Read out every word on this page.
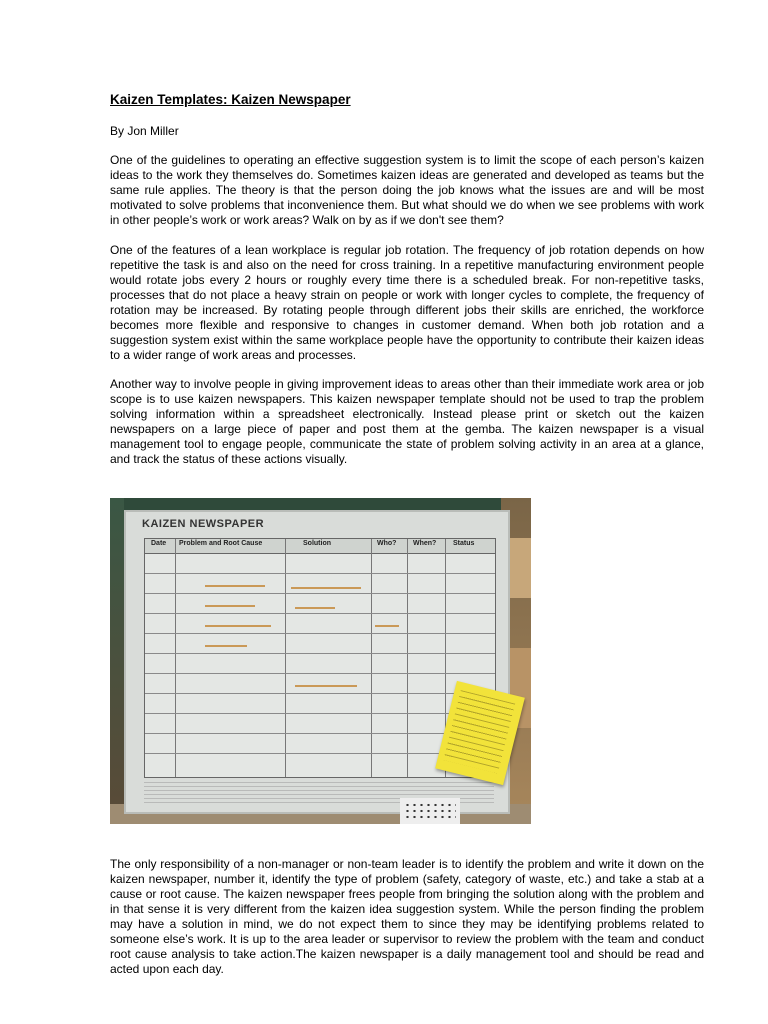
Kaizen Templates: Kaizen Newspaper
By Jon Miller

One of the guidelines to operating an effective suggestion system is to limit the scope of each person’s kaizen ideas to the work they themselves do. Sometimes kaizen ideas are generated and developed as teams but the same rule applies. The theory is that the person doing the job knows what the issues are and will be most motivated to solve problems that inconvenience them. But what should we do when we see problems with work in other people’s work or work areas? Walk on by as if we don't see them?

One of the features of a lean workplace is regular job rotation. The frequency of job rotation depends on how repetitive the task is and also on the need for cross training. In a repetitive manufacturing environment people would rotate jobs every 2 hours or roughly every time there is a scheduled break. For non-repetitive tasks, processes that do not place a heavy strain on people or work with longer cycles to complete, the frequency of rotation may be increased. By rotating people through different jobs their skills are enriched, the workforce becomes more flexible and responsive to changes in customer demand. When both job rotation and a suggestion system exist within the same workplace people have the opportunity to contribute their kaizen ideas to a wider range of work areas and processes.

Another way to involve people in giving improvement ideas to areas other than their immediate work area or job scope is to use kaizen newspapers. This kaizen newspaper template should not be used to trap the problem solving information within a spreadsheet electronically. Instead please print or sketch out the kaizen newspapers on a large piece of paper and post them at the gemba. The kaizen newspaper is a visual management tool to engage people, communicate the state of problem solving activity in an area at a glance, and track the status of these actions visually.

KAIZEN NEWSPAPER
Date Problem and Root Cause	Solution	Who? When? Status

The only responsibility of a non-manager or non-team leader is to identify the problem and write it down on the kaizen newspaper, number it, identify the type of problem (safety, category of waste, etc.) and take a stab at a cause or root cause. The kaizen newspaper frees people from bringing the solution along with the problem and in that sense it is very different from the kaizen idea suggestion system. While the person finding the problem may have a solution in mind, we do not expect them to since they may be identifying problems related to someone else’s work. It is up to the area leader or supervisor to review the problem with the team and conduct root cause analysis to take action.The kaizen newspaper is a daily management tool and should be read and acted upon each day.
